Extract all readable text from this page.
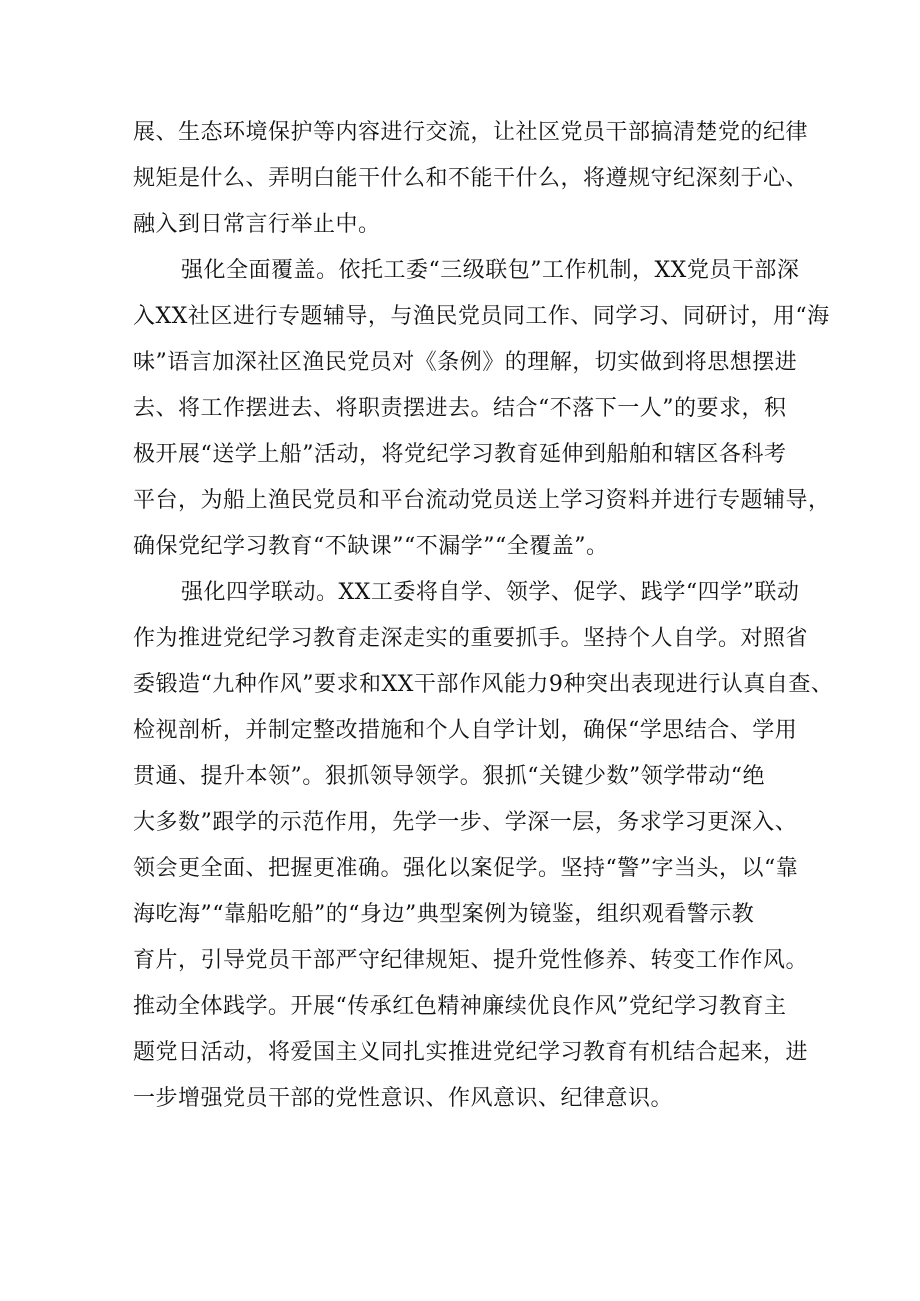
展、生态环境保护等内容进行交流，让社区党员干部搞清楚党的纪律
规矩是什么、弄明白能干什么和不能干什么，将遵规守纪深刻于心、
融入到日常言行举止中。
强化全面覆盖。依托工委“三级联包”工作机制，XX党员干部深
入XX社区进行专题辅导，与渔民党员同工作、同学习、同研讨，用“海
味”语言加深社区渔民党员对《条例》的理解，切实做到将思想摆进
去、将工作摆进去、将职责摆进去。结合“不落下一人”的要求，积
极开展“送学上船”活动，将党纪学习教育延伸到船舶和辖区各科考
平台，为船上渔民党员和平台流动党员送上学习资料并进行专题辅导，
确保党纪学习教育“不缺课”“不漏学”“全覆盖”。
强化四学联动。XX工委将自学、领学、促学、践学“四学”联动
作为推进党纪学习教育走深走实的重要抓手。坚持个人自学。对照省
委锻造“九种作风”要求和XX干部作风能力9种突出表现进行认真自查、
检视剖析，并制定整改措施和个人自学计划，确保“学思结合、学用
贯通、提升本领”。狠抓领导领学。狠抓“关键少数”领学带动“绝
大多数”跟学的示范作用，先学一步、学深一层，务求学习更深入、
领会更全面、把握更准确。强化以案促学。坚持“警”字当头，以“靠
海吃海”“靠船吃船”的“身边”典型案例为镜鉴，组织观看警示教
育片，引导党员干部严守纪律规矩、提升党性修养、转变工作作风。
推动全体践学。开展“传承红色精神廉续优良作风”党纪学习教育主
题党日活动，将爱国主义同扎实推进党纪学习教育有机结合起来，进
一步增强党员干部的党性意识、作风意识、纪律意识。
